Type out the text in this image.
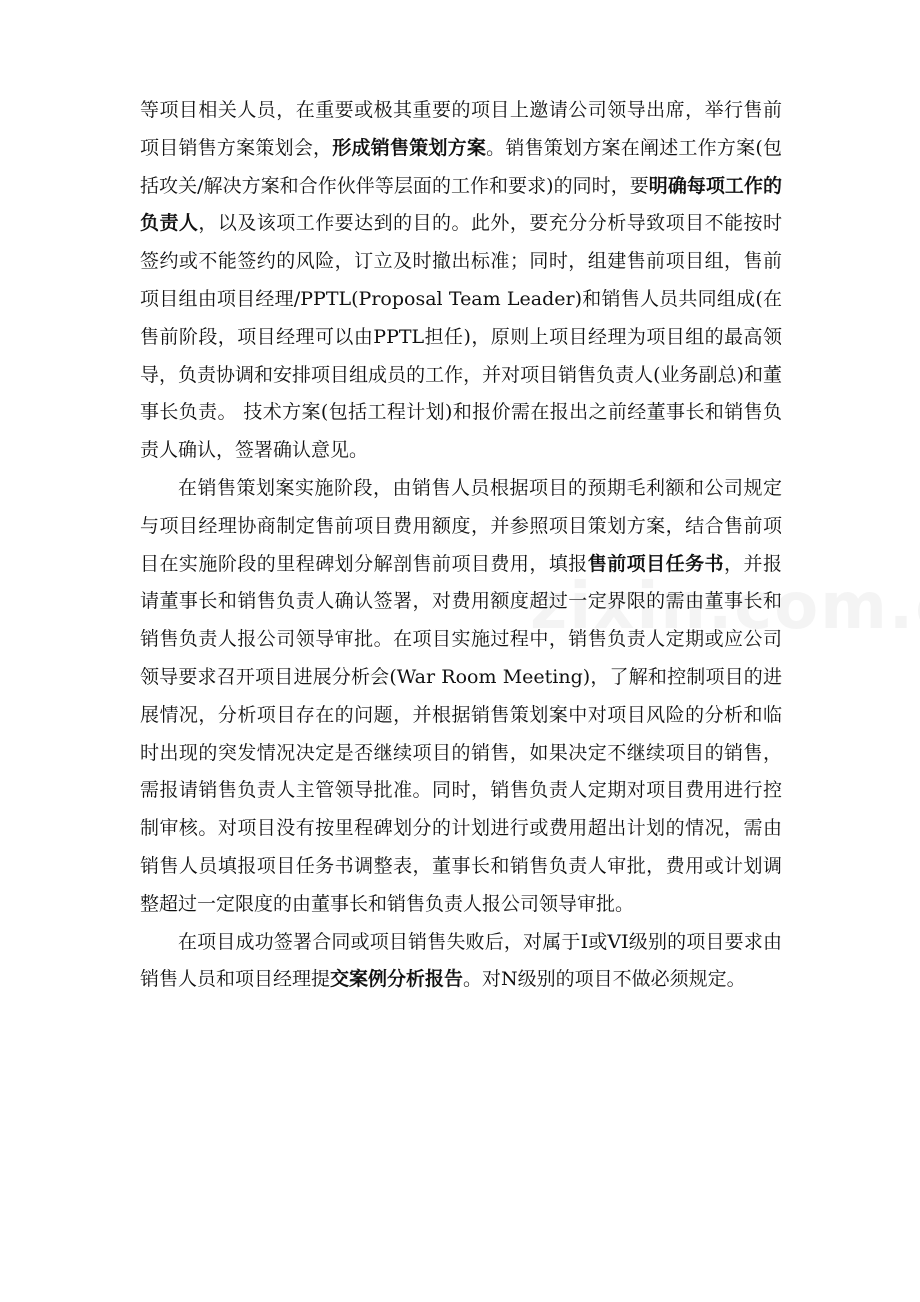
等项目相关人员，在重要或极其重要的项目上邀请公司领导出席，举行售前项目销售方案策划会，形成销售策划方案。销售策划方案在阐述工作方案(包括攻关/解决方案和合作伙伴等层面的工作和要求)的同时，要明确每项工作的负责人，以及该项工作要达到的目的。此外，要充分分析导致项目不能按时签约或不能签约的风险，订立及时撤出标准；同时，组建售前项目组，售前项目组由项目经理/PPTL(Proposal Team Leader)和销售人员共同组成(在售前阶段，项目经理可以由PPTL担任)，原则上项目经理为项目组的最高领导，负责协调和安排项目组成员的工作，并对项目销售负责人(业务副总)和董事长负责。 技术方案(包括工程计划)和报价需在报出之前经董事长和销售负责人确认，签署确认意见。

在销售策划案实施阶段，由销售人员根据项目的预期毛利额和公司规定与项目经理协商制定售前项目费用额度，并参照项目策划方案，结合售前项目在实施阶段的里程碑划分解剖售前项目费用，填报售前项目任务书，并报请董事长和销售负责人确认签署，对费用额度超过一定界限的需由董事长和销售负责人报公司领导审批。在项目实施过程中，销售负责人定期或应公司领导要求召开项目进展分析会(War Room Meeting)，了解和控制项目的进展情况，分析项目存在的问题，并根据销售策划案中对项目风险的分析和临时出现的突发情况决定是否继续项目的销售，如果决定不继续项目的销售，需报请销售负责人主管领导批准。同时，销售负责人定期对项目费用进行控制审核。对项目没有按里程碑划分的计划进行或费用超出计划的情况，需由销售人员填报项目任务书调整表，董事长和销售负责人审批，费用或计划调整超过一定限度的由董事长和销售负责人报公司领导审批。

在项目成功签署合同或项目销售失败后，对属于I或VI级别的项目要求由销售人员和项目经理提交案例分析报告。对N级别的项目不做必须规定。
